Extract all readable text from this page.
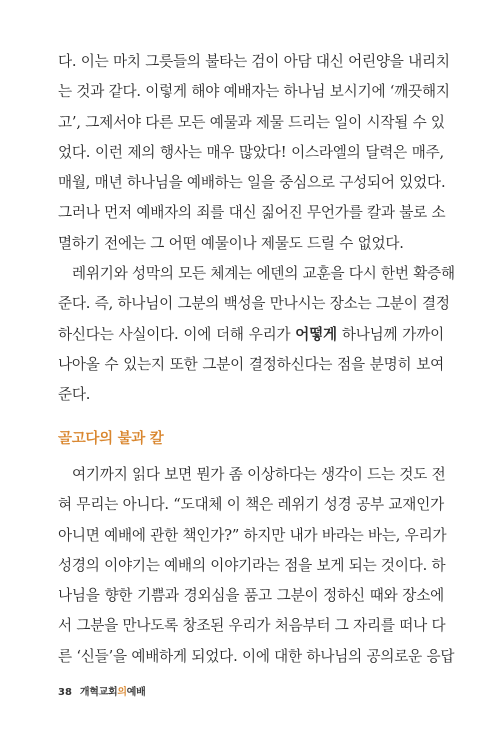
다. 이는 마치 그릇들의 불타는 검이 아담 대신 어린양을 내리치
는 것과 같다. 이렇게 해야 예배자는 하나님 보시기에 ‘깨끗해지
고’, 그제서야 다른 모든 예물과 제물 드리는 일이 시작될 수 있
었다. 이런 제의 행사는 매우 많았다! 이스라엘의 달력은 매주,
매월, 매년 하나님을 예배하는 일을 중심으로 구성되어 있었다.
그러나 먼저 예배자의 죄를 대신 짊어진 무언가를 칼과 불로 소
멸하기 전에는 그 어떤 예물이나 제물도 드릴 수 없었다.
레위기와 성막의 모든 체계는 에덴의 교훈을 다시 한번 확증해
준다. 즉, 하나님이 그분의 백성을 만나시는 장소는 그분이 결정
하신다는 사실이다. 이에 더해 우리가 어떻게 하나님께 가까이
나아올 수 있는지 또한 그분이 결정하신다는 점을 분명히 보여
준다.
골고다의 불과 칼
여기까지 읽다 보면 뭔가 좀 이상하다는 생각이 드는 것도 전
혀 무리는 아니다. “도대체 이 책은 레위기 성경 공부 교재인가
아니면 예배에 관한 책인가?” 하지만 내가 바라는 바는, 우리가
성경의 이야기는 예배의 이야기라는 점을 보게 되는 것이다. 하
나님을 향한 기쁨과 경외심을 품고 그분이 정하신 때와 장소에
서 그분을 만나도록 창조된 우리가 처음부터 그 자리를 떠나 다
른 ‘신들’을 예배하게 되었다. 이에 대한 하나님의 공의로운 응답
38 개혁교회의예배
